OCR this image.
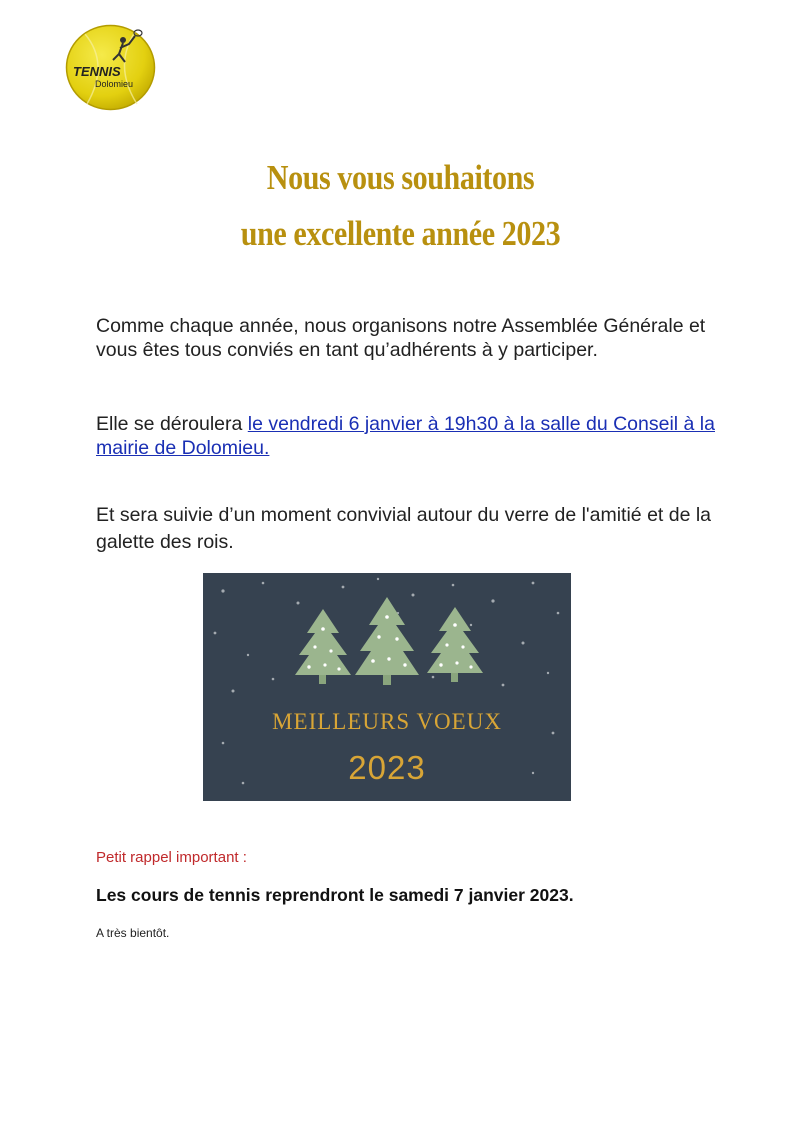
TENNIS
Dolomieu
Nous vous souhaitons
une excellente année 2023
Comme chaque année, nous organisons notre Assemblée Générale et vous êtes tous conviés en tant qu’adhérents à y participer.
Elle se déroulera le vendredi 6 janvier à 19h30 à la salle du Conseil à la mairie de Dolomieu.
Et sera suivie d’un moment convivial autour du verre de l'amitié et de la galette des rois.
MEILLEURS VOEUX
2023
Petit rappel important :
Les cours de tennis reprendront le samedi 7 janvier 2023.
A très bientôt.
